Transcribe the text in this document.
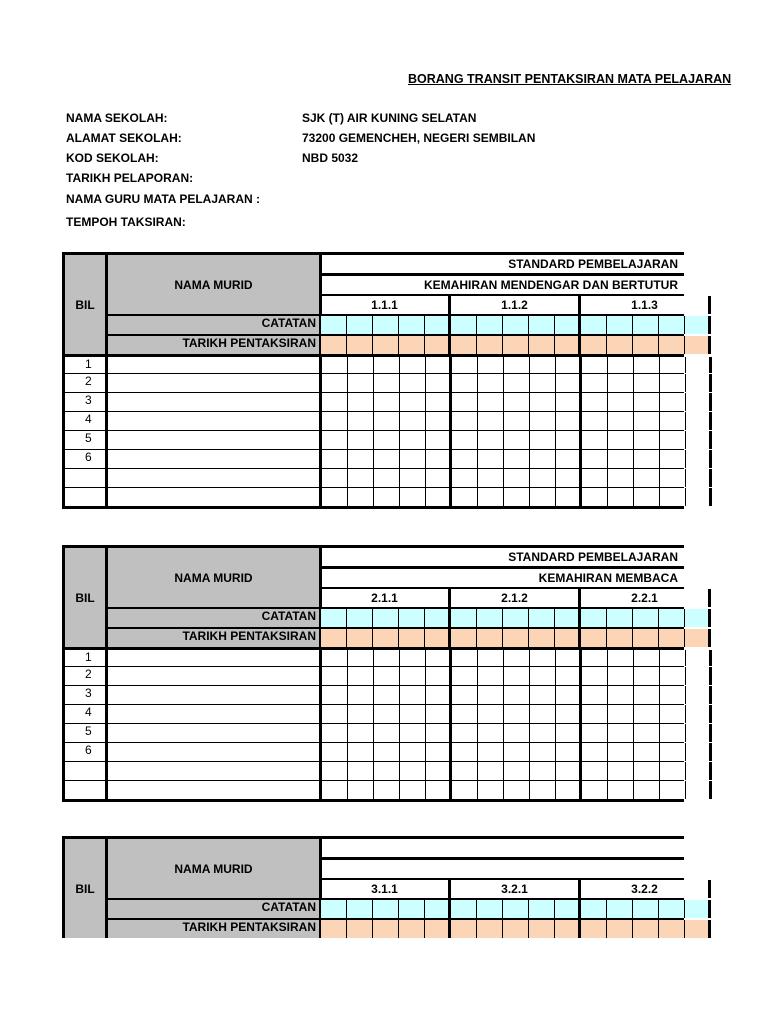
BORANG TRANSIT PENTAKSIRAN MATA PELAJARAN
NAMA SEKOLAH:	SJK (T) AIR KUNING SELATAN
ALAMAT SEKOLAH:	73200 GEMENCHEH, NEGERI SEMBILAN
KOD SEKOLAH:	NBD 5032
TARIKH PELAPORAN:
NAMA GURU MATA PELAJARAN :
TEMPOH TAKSIRAN:
BIL
NAMA MURID
STANDARD PEMBELAJARAN
KEMAHIRAN MENDENGAR DAN BERTUTUR
1.1.1	1.1.2	1.1.3
CATATAN
TARIKH PENTAKSIRAN
1
2
3
4
5
6
BIL
NAMA MURID
STANDARD PEMBELAJARAN
KEMAHIRAN MEMBACA
2.1.1	2.1.2	2.2.1
CATATAN
TARIKH PENTAKSIRAN
1
2
3
4
5
6
BIL
NAMA MURID
3.1.1	3.2.1	3.2.2
CATATAN
TARIKH PENTAKSIRAN
